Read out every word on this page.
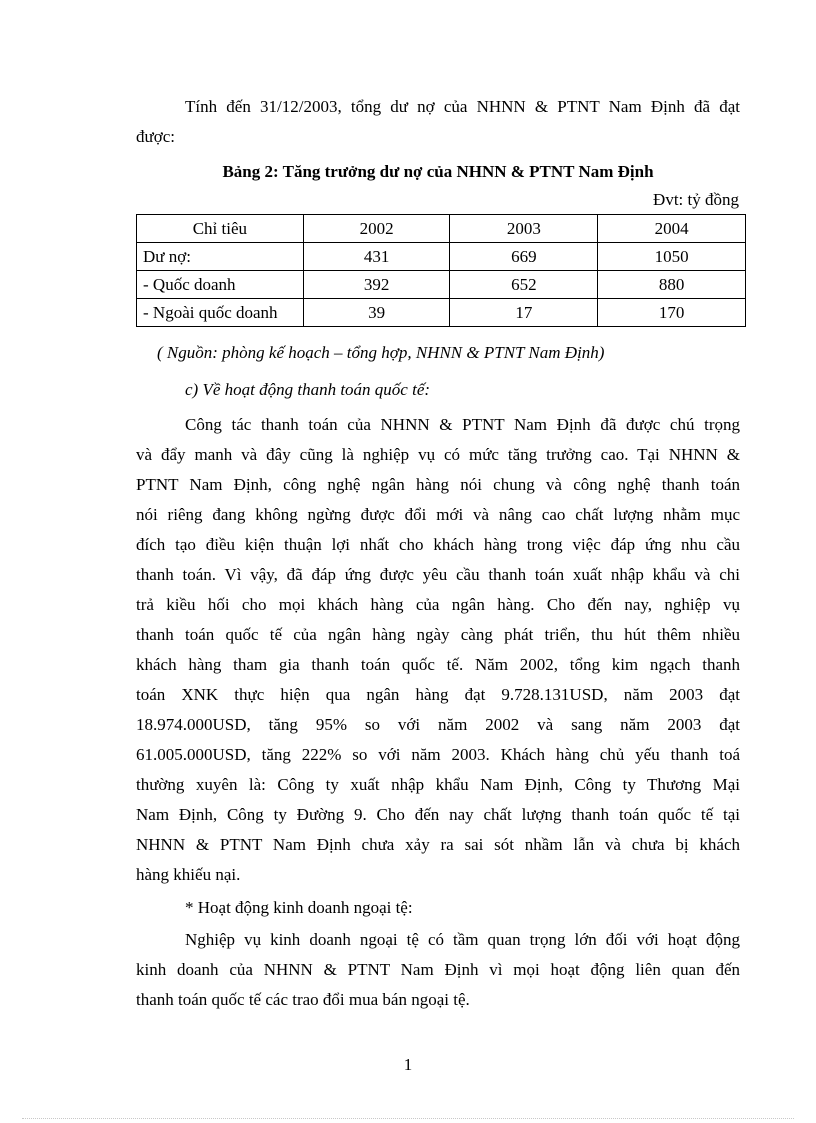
Tính đến 31/12/2003, tổng dư nợ của NHNN & PTNT Nam Định đã đạt
được:
Bảng 2: Tăng trưởng dư nợ của NHNN & PTNT Nam Định
Đvt: tỷ đồng
Chỉ tiêu	2002	2003	2004
Dư nợ:	431	669	1050
- Quốc doanh	392	652	880
- Ngoài quốc doanh	39	17	170
( Nguồn: phòng kế hoạch – tổng hợp, NHNN & PTNT Nam Định)
c) Về hoạt động thanh toán quốc tế:
Công tác thanh toán của NHNN & PTNT Nam Định đã được chú trọng
và đẩy manh và đây cũng là nghiệp vụ có mức tăng trưởng cao. Tại NHNN &
PTNT Nam Định, công nghệ ngân hàng nói chung và công nghệ thanh toán
nói riêng đang không ngừng được đổi mới và nâng cao chất lượng nhằm mục
đích tạo điều kiện thuận lợi nhất cho khách hàng trong việc đáp ứng nhu cầu
thanh toán. Vì vậy, đã đáp ứng được yêu cầu thanh toán xuất nhập khẩu và chi
trả kiều hối cho mọi khách hàng của ngân hàng. Cho đến nay, nghiệp vụ
thanh toán quốc tế của ngân hàng ngày càng phát triển, thu hút thêm nhiều
khách hàng tham gia thanh toán quốc tế. Năm 2002, tổng kim ngạch thanh
toán XNK thực hiện qua ngân hàng đạt 9.728.131USD, năm 2003 đạt
18.974.000USD, tăng 95% so với năm 2002 và sang năm 2003 đạt
61.005.000USD, tăng 222% so với năm 2003. Khách hàng chủ yếu thanh toá
thường xuyên là: Công ty xuất nhập khẩu Nam Định, Công ty Thương Mại
Nam Định, Công ty Đường 9. Cho đến nay chất lượng thanh toán quốc tế tại
NHNN & PTNT Nam Định chưa xảy ra sai sót nhầm lẫn và chưa bị khách
hàng khiếu nại.
* Hoạt động kinh doanh ngoại tệ:
Nghiệp vụ kinh doanh ngoại tệ có tầm quan trọng lớn đối với hoạt động
kinh doanh của NHNN & PTNT Nam Định vì mọi hoạt động liên quan đến
thanh toán quốc tế các trao đổi mua bán ngoại tệ.
1
